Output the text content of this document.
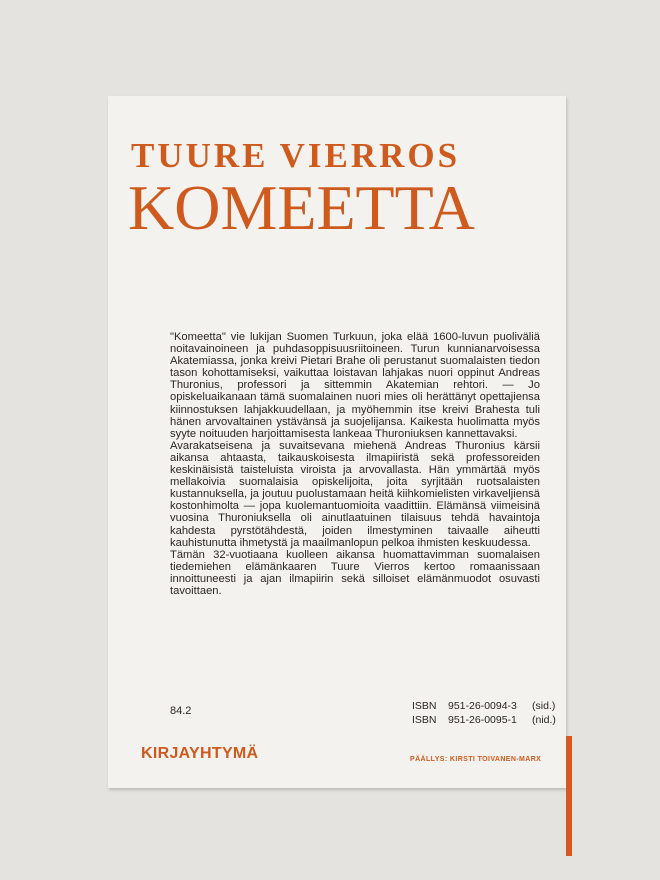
TUURE VIERROS
KOMEETTA

"Komeetta" vie lukijan Suomen Turkuun, joka elää 1600-luvun puoliväliä noitavainoineen ja puhdasoppisuusriitoineen. Turun kunnianarvoisessa Akatemiassa, jonka kreivi Pietari Brahe oli perustanut suomalaisten tiedon tason kohottamiseksi, vaikuttaa loistavan lahjakas nuori oppinut Andreas Thuronius, professori ja sittemmin Akatemian rehtori. — Jo opiskeluaikanaan tämä suomalainen nuori mies oli herättänyt opettajiensa kiinnostuksen lahjakkuudellaan, ja myöhemmin itse kreivi Brahesta tuli hänen arvovaltainen ystävänsä ja suojelijansa. Kaikesta huolimatta myös syyte noituuden harjoittamisesta lankeaa Thuroniuksen kannettavaksi.

Avarakatseisena ja suvaitsevana miehenä Andreas Thuronius kärsii aikansa ahtaasta, taikauskoisesta ilmapiiristä sekä professoreiden keskinäisistä taisteluista viroista ja arvovallasta. Hän ymmärtää myös mellakoivia suomalaisia opiskelijoita, joita syrjitään ruotsalaisten kustannuksella, ja joutuu puolustamaan heitä kiihkomielisten virkaveljiensä kostonhimolta — jopa kuolemantuomioita vaadittiin. Elämänsä viimeisinä vuosina Thuroniuksella oli ainutlaatuinen tilaisuus tehdä havaintoja kahdesta pyrstötähdestä, joiden ilmestyminen taivaalle aiheutti kauhistunutta ihmetystä ja maailmanlopun pelkoa ihmisten keskuudessa.

Tämän 32-vuotiaana kuolleen aikansa huomattavimman suomalaisen tiedemiehen elämänkaaren Tuure Vierros kertoo romaanissaan innoittuneesti ja ajan ilmapiirin sekä silloiset elämänmuodot osuvasti tavoittaen.

84.2	ISBN 951-26-0094-3 (sid.)
ISBN 951-26-0095-1 (nid.)
KIRJAYHTYMÄ	PÄÄLLYS: KIRSTI TOIVANEN-MARX
